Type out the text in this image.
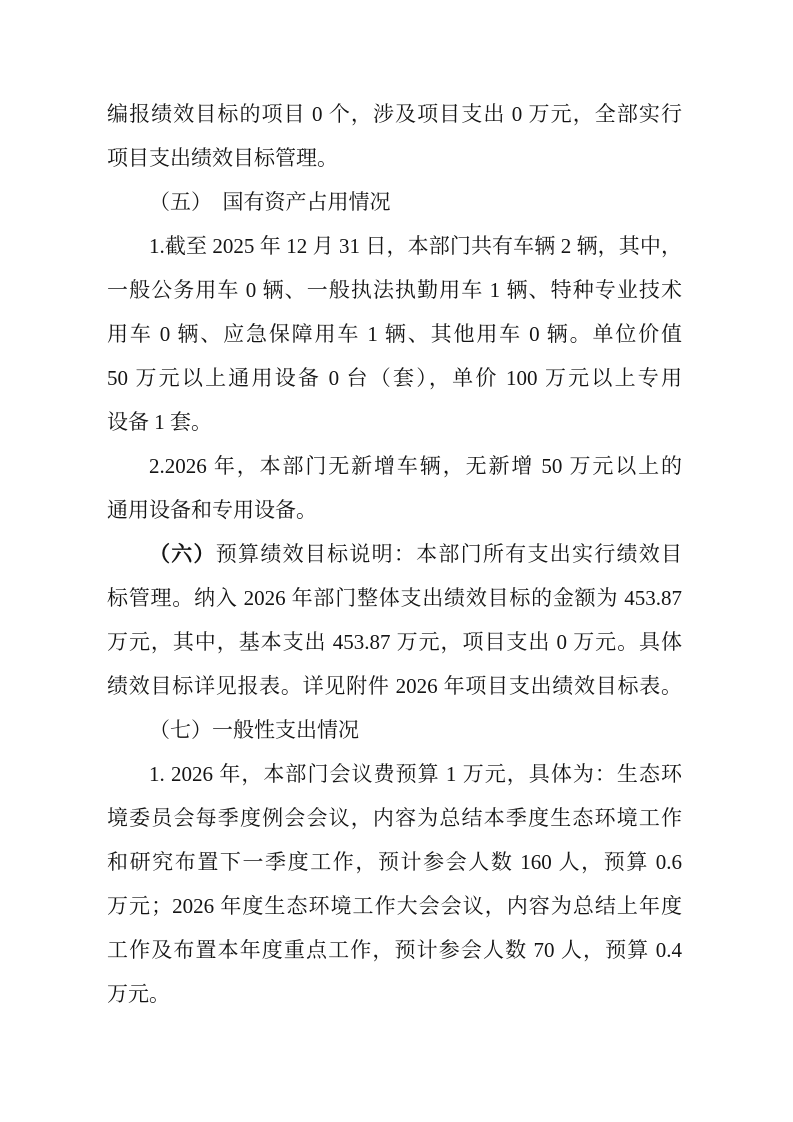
编报绩效目标的项目 0 个，涉及项目支出 0 万元，全部实行
项目支出绩效目标管理。
（五）　国有资产占用情况
1.截至 2025 年 12 月 31 日，本部门共有车辆 2 辆，其中，
一般公务用车 0 辆、一般执法执勤用车 1 辆、特种专业技术
用车 0 辆、应急保障用车 1 辆、其他用车 0 辆。单位价值
50 万元以上通用设备 0 台（套），单价 100 万元以上专用
设备 1 套。
2.2026 年，本部门无新增车辆，无新增 50 万元以上的
通用设备和专用设备。
（六）预算绩效目标说明：本部门所有支出实行绩效目
标管理。纳入 2026 年部门整体支出绩效目标的金额为 453.87
万元，其中，基本支出 453.87 万元，项目支出 0 万元。具体
绩效目标详见报表。详见附件 2026 年项目支出绩效目标表。
（七）一般性支出情况
1. 2026 年，本部门会议费预算 1 万元，具体为：生态环
境委员会每季度例会会议，内容为总结本季度生态环境工作
和研究布置下一季度工作，预计参会人数 160 人，预算 0.6
万元；2026 年度生态环境工作大会会议，内容为总结上年度
工作及布置本年度重点工作，预计参会人数 70 人，预算 0.4
万元。
